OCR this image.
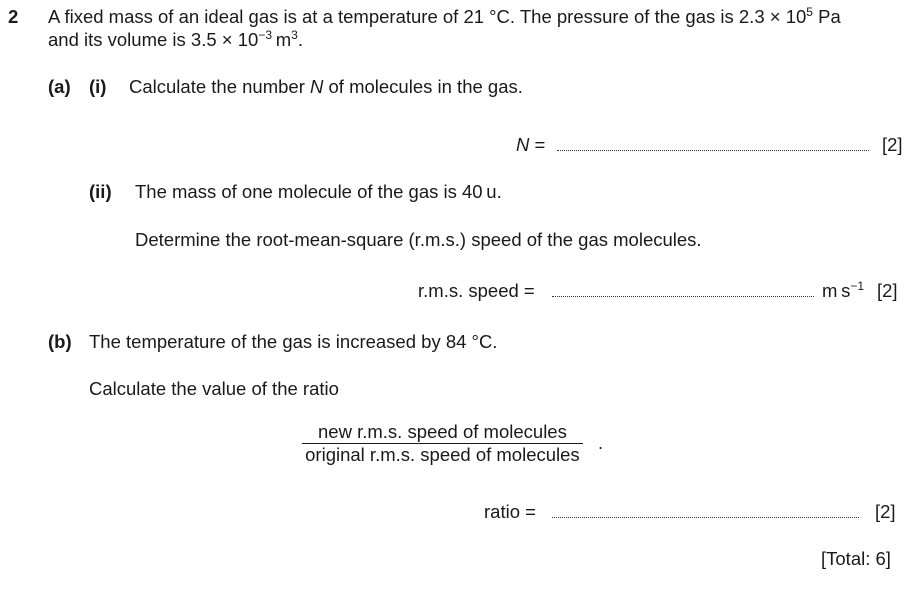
2 A fixed mass of an ideal gas is at a temperature of 21 °C. The pressure of the gas is $2.3 \times 10^5$ Pa
and its volume is $3.5 \times 10^{-3}$ $m^3$.
(a) (i) Calculate the number N of molecules in the gas.
N =	[2]
(ii) The mass of one molecule of the gas is 40 u.
Determine the root-mean-square (r.m.s.) speed of the gas molecules.
r.m.s. speed =	m $s^{-1}$ [2]
(b) The temperature of the gas is increased by 84 °C.
Calculate the value of the ratio
new r.m.s. speed of molecules
original r.m.s. speed of molecules
.
ratio =	[2]
[Total: 6]
